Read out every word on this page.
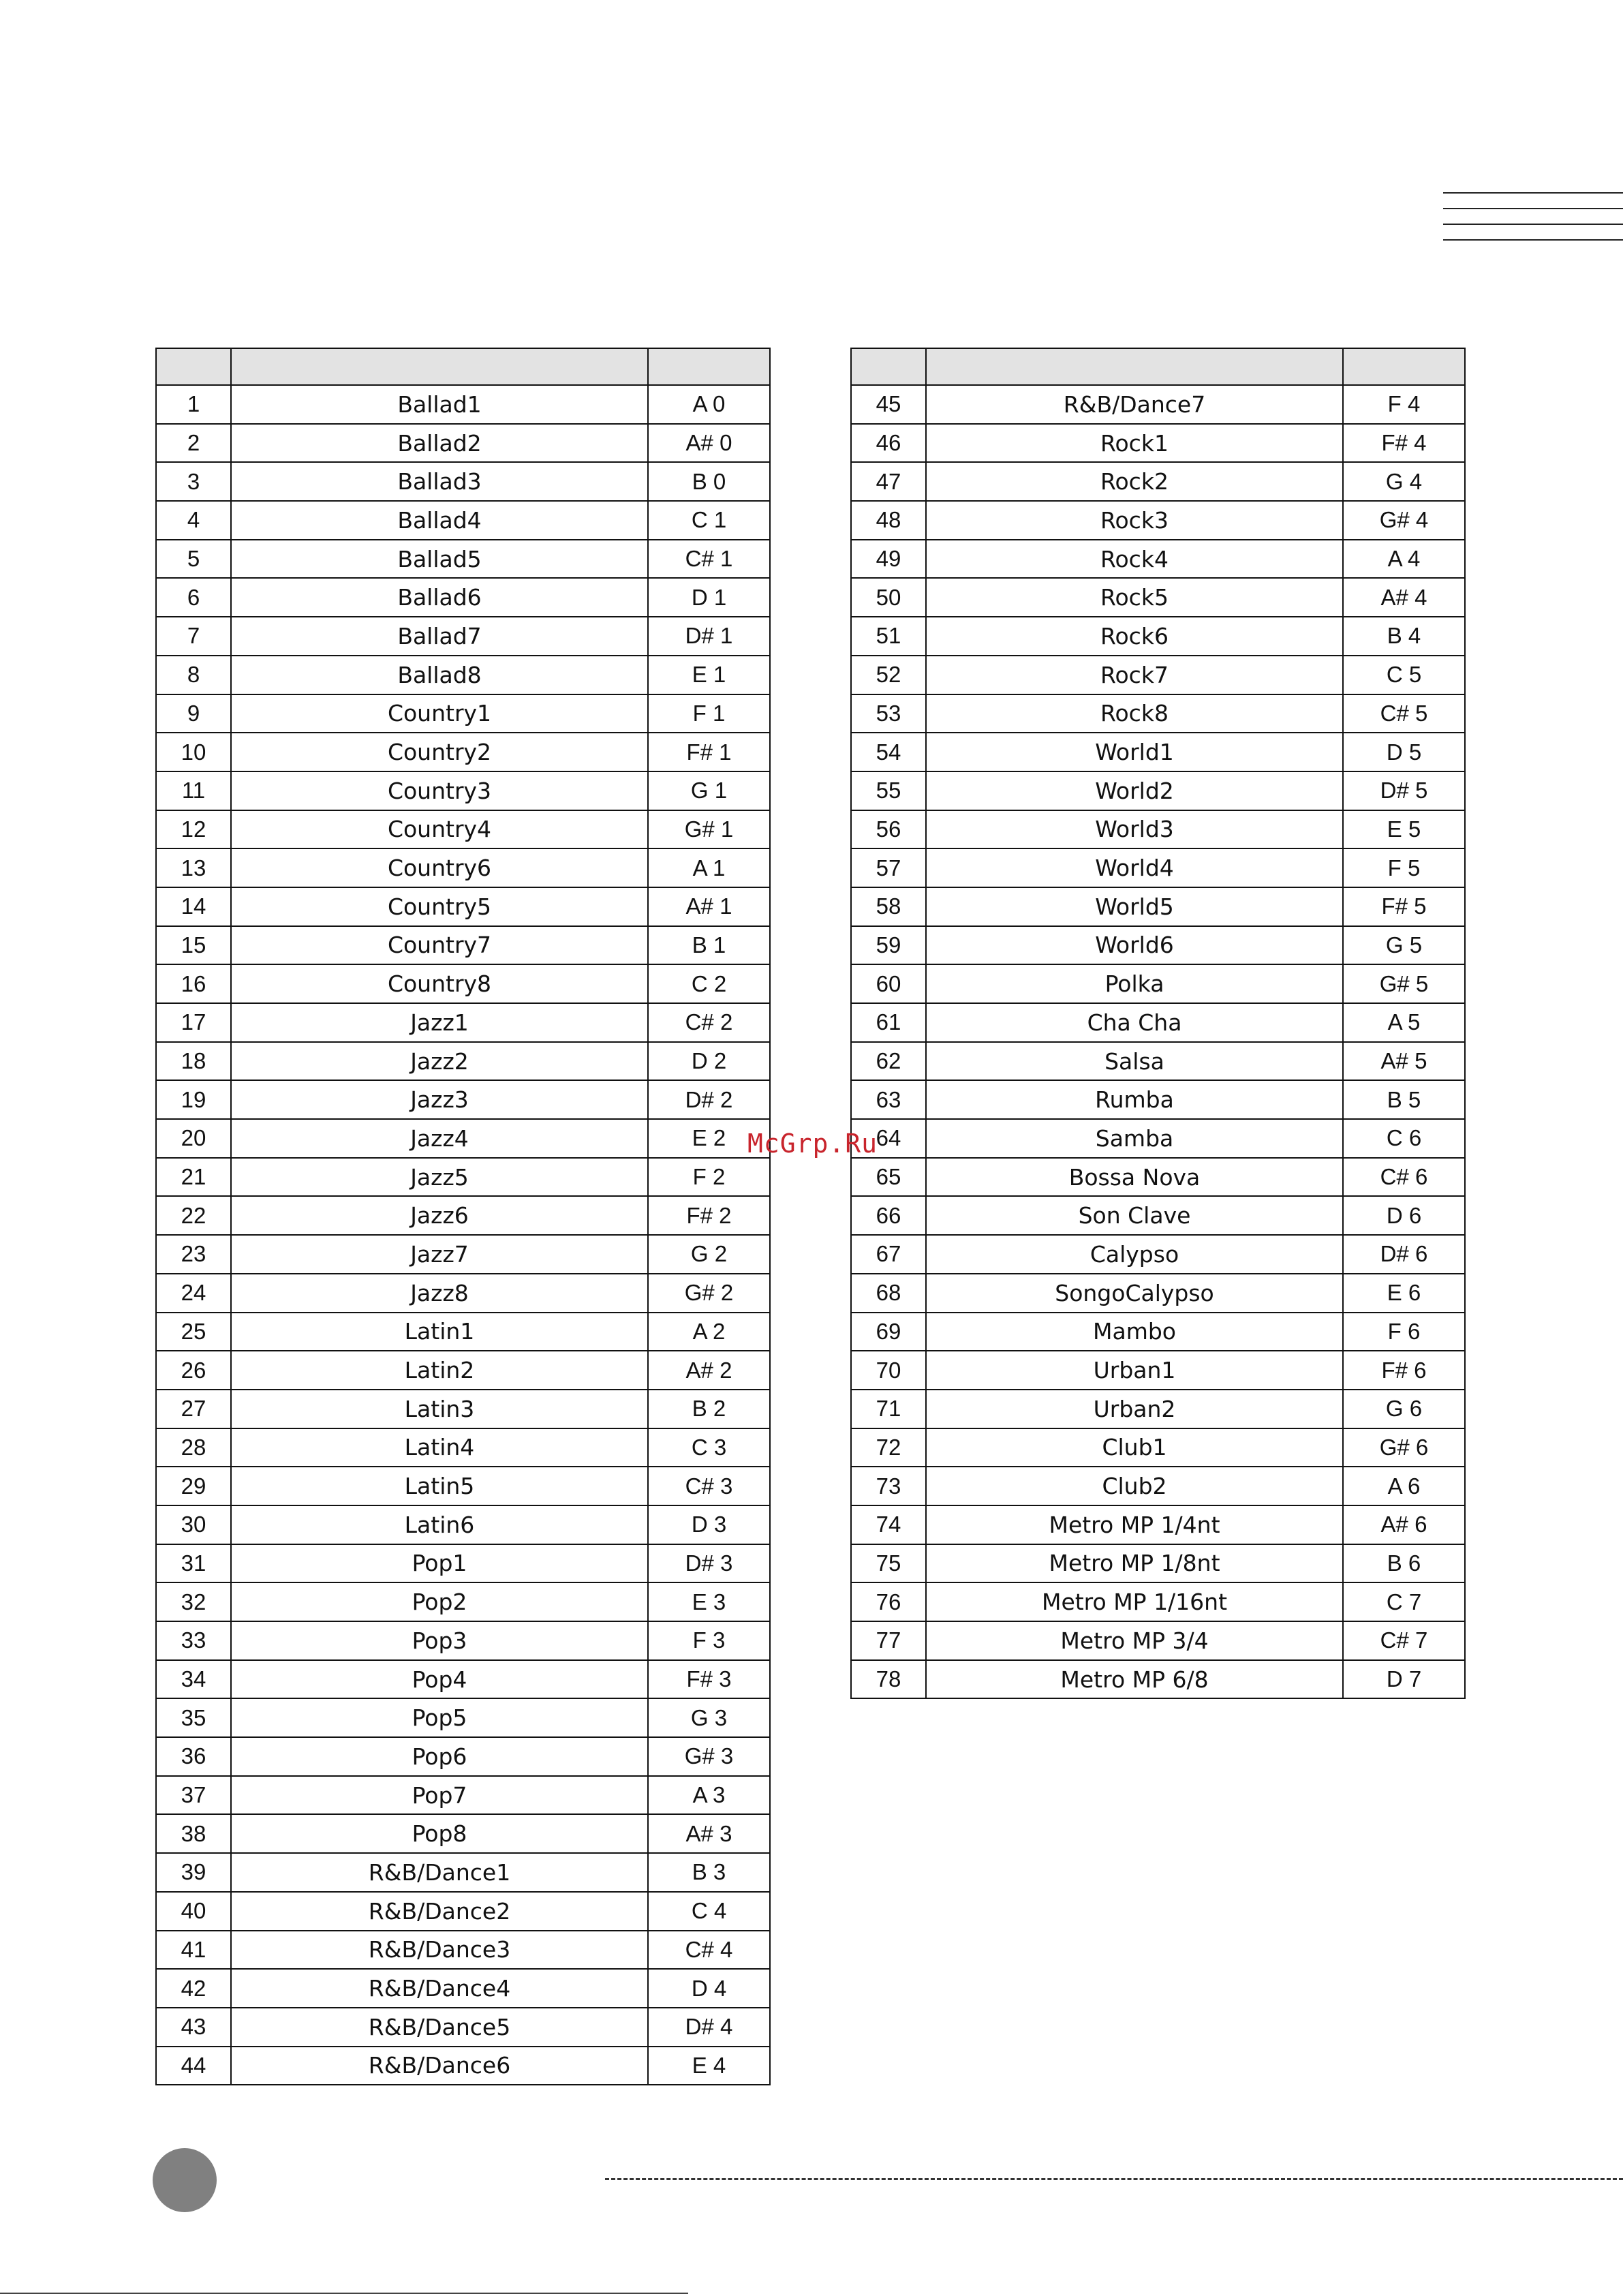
1	Ballad1	A 0
2	Ballad2	A# 0
3	Ballad3	B 0
4	Ballad4	C 1
5	Ballad5	C# 1
6	Ballad6	D 1
7	Ballad7	D# 1
8	Ballad8	E 1
9	Country1	F 1
10	Country2	F# 1
11	Country3	G 1
12	Country4	G# 1
13	Country6	A 1
14	Country5	A# 1
15	Country7	B 1
16	Country8	C 2
17	Jazz1	C# 2
18	Jazz2	D 2
19	Jazz3	D# 2
20	Jazz4	E 2
21	Jazz5	F 2
22	Jazz6	F# 2
23	Jazz7	G 2
24	Jazz8	G# 2
25	Latin1	A 2
26	Latin2	A# 2
27	Latin3	B 2
28	Latin4	C 3
29	Latin5	C# 3
30	Latin6	D 3
31	Pop1	D# 3
32	Pop2	E 3
33	Pop3	F 3
34	Pop4	F# 3
35	Pop5	G 3
36	Pop6	G# 3
37	Pop7	A 3
38	Pop8	A# 3
39	R&B/Dance1	B 3
40	R&B/Dance2	C 4
41	R&B/Dance3	C# 4
42	R&B/Dance4	D 4
43	R&B/Dance5	D# 4
44	R&B/Dance6	E 4

45	R&B/Dance7	F 4
46	Rock1	F# 4
47	Rock2	G 4
48	Rock3	G# 4
49	Rock4	A 4
50	Rock5	A# 4
51	Rock6	B 4
52	Rock7	C 5
53	Rock8	C# 5
54	World1	D 5
55	World2	D# 5
56	World3	E 5
57	World4	F 5
58	World5	F# 5
59	World6	G 5
60	Polka	G# 5
61	Cha Cha	A 5
62	Salsa	A# 5
63	Rumba	B 5
64	Samba	C 6
65	Bossa Nova	C# 6
66	Son Clave	D 6
67	Calypso	D# 6
68	SongoCalypso	E 6
69	Mambo	F 6
70	Urban1	F# 6
71	Urban2	G 6
72	Club1	G# 6
73	Club2	A 6
74	Metro MP 1/4nt	A# 6
75	Metro MP 1/8nt	B 6
76	Metro MP 1/16nt	C 7
77	Metro MP 3/4	C# 7
78	Metro MP 6/8	D 7
McGrp.Ru
